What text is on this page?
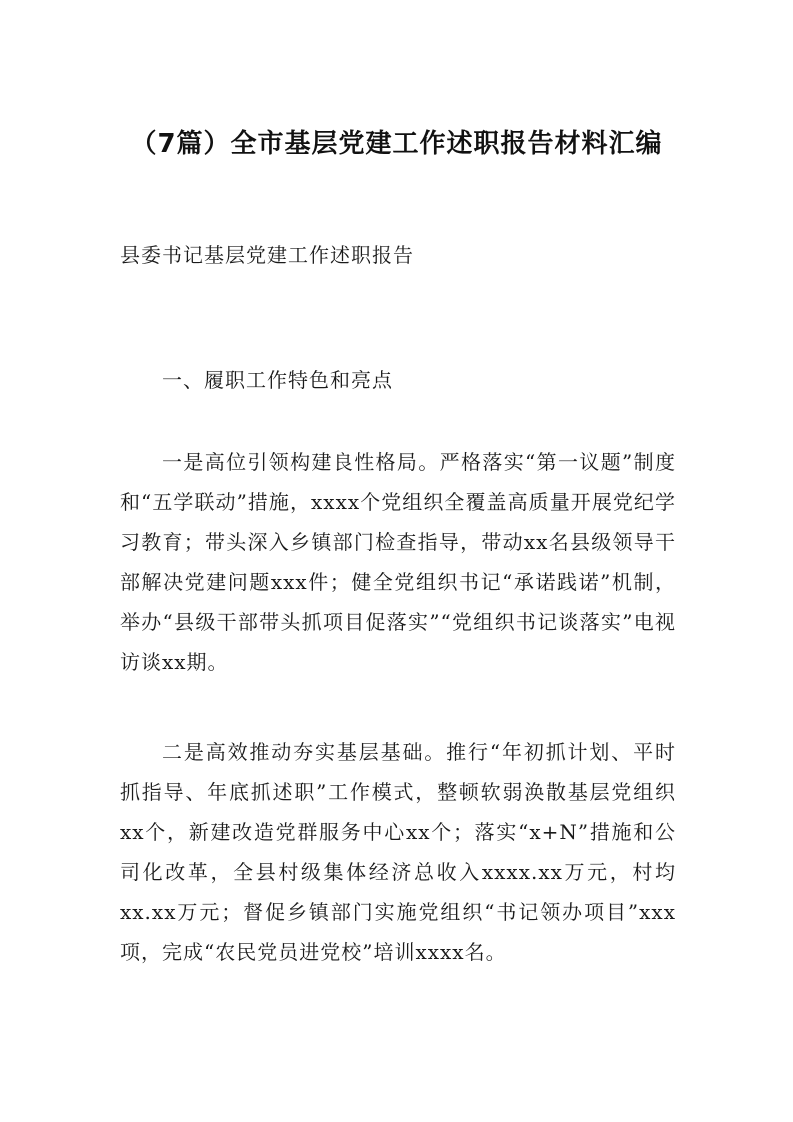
（7篇）全市基层党建工作述职报告材料汇编
县委书记基层党建工作述职报告
一、履职工作特色和亮点

一是高位引领构建良性格局。严格落实“第一议题”制度和“五学联动”措施，xxxx个党组织全覆盖高质量开展党纪学习教育；带头深入乡镇部门检查指导，带动xx名县级领导干部解决党建问题xxx件；健全党组织书记“承诺践诺”机制，举办“县级干部带头抓项目促落实”“党组织书记谈落实”电视访谈xx期。

二是高效推动夯实基层基础。推行“年初抓计划、平时抓指导、年底抓述职”工作模式，整顿软弱涣散基层党组织xx个，新建改造党群服务中心xx个；落实“x+N”措施和公司化改革，全县村级集体经济总收入xxxx.xx万元，村均xx.xx万元；督促乡镇部门实施党组织“书记领办项目”xxx项，完成“农民党员进党校”培训xxxx名。
